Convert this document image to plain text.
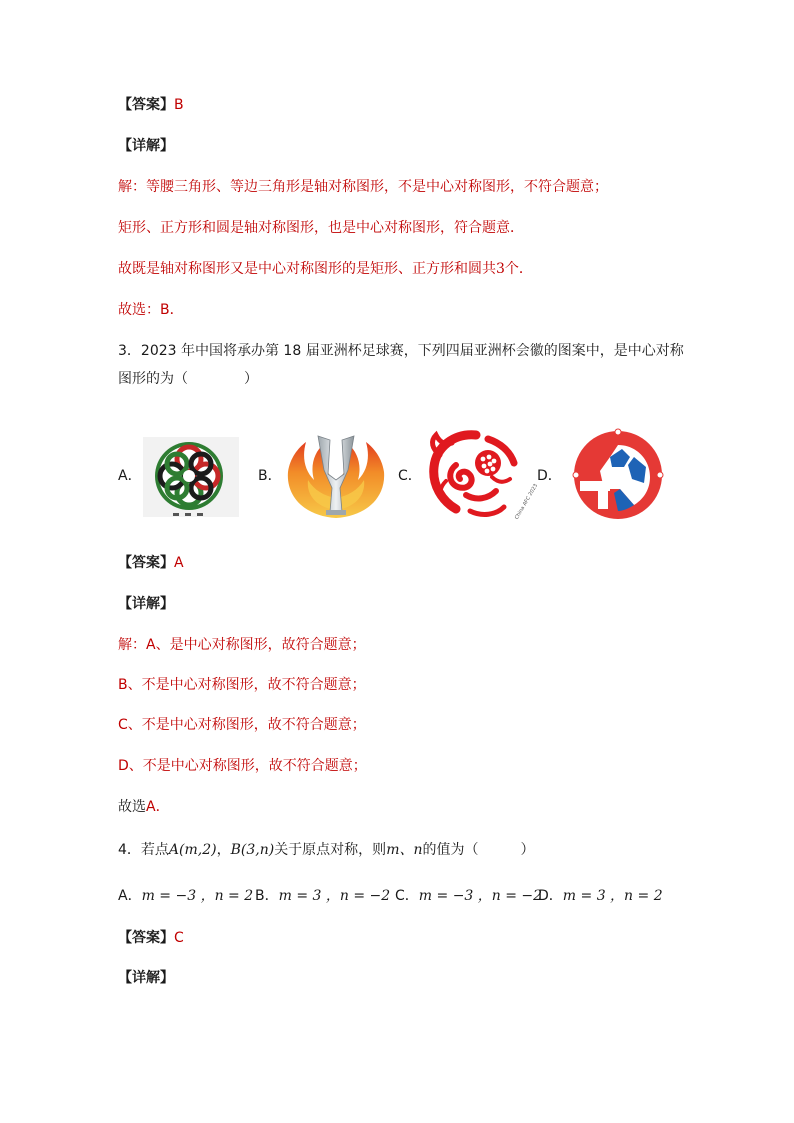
【答案】B
【详解】
解：等腰三角形、等边三角形是轴对称图形，不是中心对称图形，不符合题意；
矩形、正方形和圆是轴对称图形，也是中心对称图形，符合题意．
故既是轴对称图形又是中心对称图形的是矩形、正方形和圆共3个．
故选：B．
3．2023 年中国将承办第 18 届亚洲杯足球赛，下列四届亚洲杯会徽的图案中，是中心对称
图形的为（　　　　）
A．	B．	C．
China AFC 2023
D．
【答案】A
【详解】
解：A、是中心对称图形，故符合题意；
B、不是中心对称图形，故不符合题意；
C、不是中心对称图形，故不符合题意；
D、不是中心对称图形，故不符合题意；
故选A．
4．若点A(m,2)，B(3,n)关于原点对称，则m、n的值为（　　　）
A．m = −3 ，n = 2 B．m = 3 ，n = −2 C．m = −3 ，n = −2
D．m = 3 ，n = 2
【答案】C
【详解】
